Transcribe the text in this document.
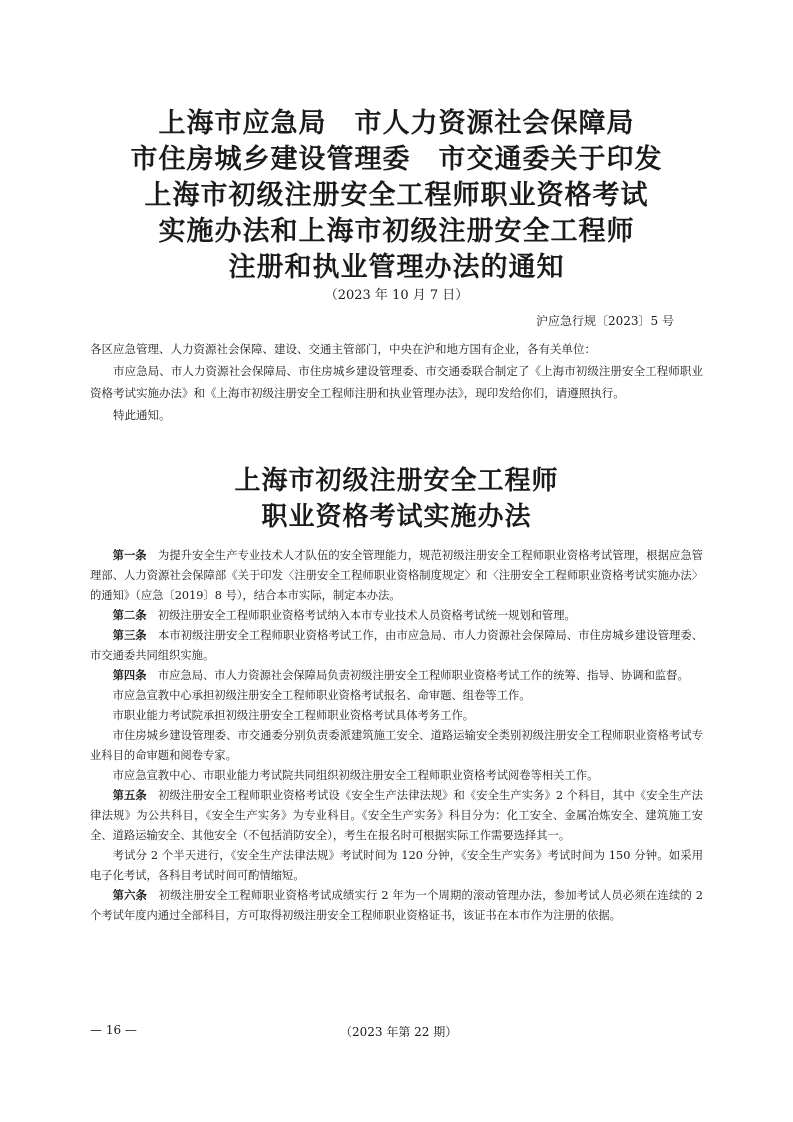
上海市应急局　市人力资源社会保障局
市住房城乡建设管理委　市交通委关于印发
上海市初级注册安全工程师职业资格考试
实施办法和上海市初级注册安全工程师
注册和执业管理办法的通知
（2023 年 10 月 7 日）
沪应急行规〔2023〕5 号

各区应急管理、人力资源社会保障、建设、交通主管部门，中央在沪和地方国有企业，各有关单位：

市应急局、市人力资源社会保障局、市住房城乡建设管理委、市交通委联合制定了《上海市初级注册安全工程师职业资格考试实施办法》和《上海市初级注册安全工程师注册和执业管理办法》，现印发给你们，请遵照执行。

特此通知。

上海市初级注册安全工程师
职业资格考试实施办法

第一条　 为提升安全生产专业技术人才队伍的安全管理能力，规范初级注册安全工程师职业资格考试管理，根据应急管理部、人力资源社会保障部《关于印发〈注册安全工程师职业资格制度规定〉和〈注册安全工程师职业资格考试实施办法〉的通知》（应急〔2019〕8 号），结合本市实际，制定本办法。

第二条　 初级注册安全工程师职业资格考试纳入本市专业技术人员资格考试统一规划和管理。

第三条　 本市初级注册安全工程师职业资格考试工作，由市应急局、市人力资源社会保障局、市住房城乡建设管理委、市交通委共同组织实施。

第四条　 市应急局、市人力资源社会保障局负责初级注册安全工程师职业资格考试工作的统筹、指导、协调和监督。

市应急宣教中心承担初级注册安全工程师职业资格考试报名、命审题、组卷等工作。

市职业能力考试院承担初级注册安全工程师职业资格考试具体考务工作。

市住房城乡建设管理委、市交通委分别负责委派建筑施工安全、道路运输安全类别初级注册安全工程师职业资格考试专业科目的命审题和阅卷专家。

市应急宣教中心、市职业能力考试院共同组织初级注册安全工程师职业资格考试阅卷等相关工作。

第五条　 初级注册安全工程师职业资格考试设《安全生产法律法规》和《安全生产实务》2 个科目，其中《安全生产法律法规》为公共科目，《安全生产实务》为专业科目。《安全生产实务》科目分为：化工安全、金属冶炼安全、建筑施工安全、道路运输安全、其他安全（不包括消防安全），考生在报名时可根据实际工作需要选择其一。

考试分 2 个半天进行，《安全生产法律法规》考试时间为 120 分钟，《安全生产实务》考试时间为 150 分钟。如采用电子化考试，各科目考试时间可酌情缩短。

第六条　 初级注册安全工程师职业资格考试成绩实行 2 年为一个周期的滚动管理办法，参加考试人员必须在连续的 2 个考试年度内通过全部科目，方可取得初级注册安全工程师职业资格证书，该证书在本市作为注册的依据。

— 16 —	（2023 年第 22 期）
